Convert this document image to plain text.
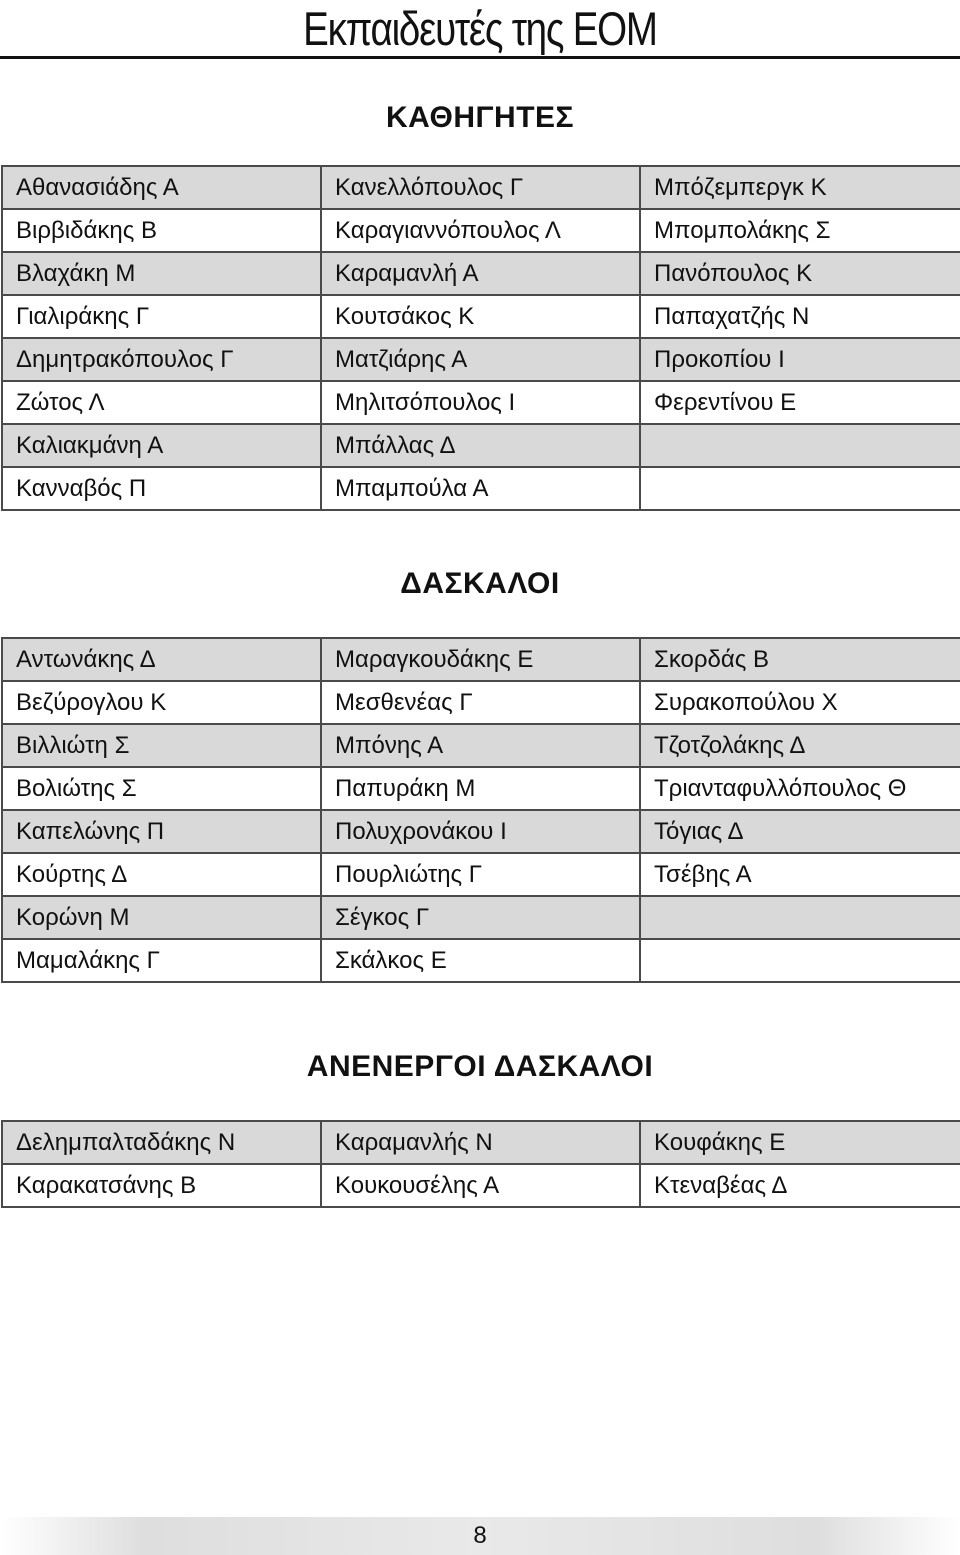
Εκπαιδευτές της ΕΟΜ
ΚΑΘΗΓΗΤΕΣ
Αθανασιάδης Α	Κανελλόπουλος Γ	Μπόζεμπεργκ Κ
Βιρβιδάκης Β	Καραγιαννόπουλος Λ	Μπομπολάκης Σ
Βλαχάκη Μ	Καραμανλή Α	Πανόπουλος Κ
Γιαλιράκης Γ	Κουτσάκος Κ	Παπαχατζής Ν
Δημητρακόπουλος Γ	Ματζιάρης Α	Προκοπίου Ι
Ζώτος Λ	Μηλιτσόπουλος Ι	Φερεντίνου Ε
Καλιακμάνη Α	Μπάλλας Δ	
Κανναβός Π	Μπαμπούλα Α	
ΔΑΣΚΑΛΟΙ
Αντωνάκης Δ	Μαραγκουδάκης Ε	Σκορδάς Β
Βεζύρογλου Κ	Μεσθενέας Γ	Συρακοπούλου Χ
Βιλλιώτη Σ	Μπόνης Α	Τζοτζολάκης Δ
Βολιώτης Σ	Παπυράκη Μ	Τριανταφυλλόπουλος Θ
Καπελώνης Π	Πολυχρονάκου Ι	Τόγιας Δ
Κούρτης Δ	Πουρλιώτης Γ	Τσέβης Α
Κορώνη Μ	Σέγκος Γ	
Μαμαλάκης Γ	Σκάλκος Ε	
ΑΝΕΝΕΡΓΟΙ ΔΑΣΚΑΛΟΙ
Δελημπαλταδάκης Ν	Καραμανλής Ν	Κουφάκης Ε
Καρακατσάνης Β	Κουκουσέλης Α	Κτεναβέας Δ
8
